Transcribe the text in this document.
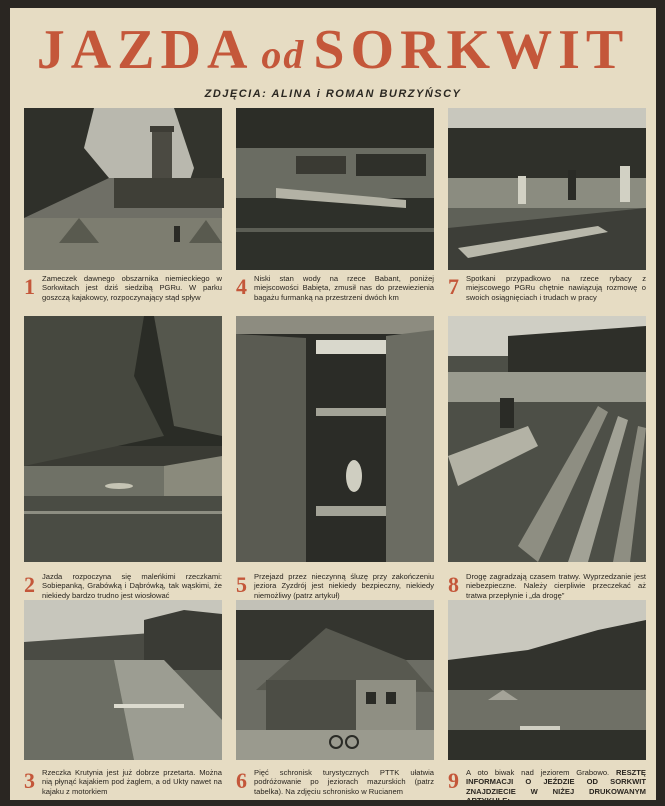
JAZDA od SORKWIT
ZDJĘCIA: ALINA i ROMAN BURZYŃSCY
1 Zameczek dawnego obszarnika niemieckiego w Sorkwitach jest dziś siedzibą PGRu. W parku goszczą kajakowcy, rozpoczynający stąd spływ
2 Jazda rozpoczyna się maleńkimi rzeczkami: Sobiepanką, Grabówką i Dąbrówką, tak wąskimi, że niekiedy bardzo trudno jest wiosłować
3 Rzeczka Krutynia jest już dobrze przetarta. Można nią płynąć kajakiem pod żaglem, a od Ukty nawet na kajaku z motorkiem
4 Niski stan wody na rzece Babant, poniżej miejscowości Babięta, zmusił nas do przewiezienia bagażu furmanką na przestrzeni dwóch km
5 Przejazd przez nieczynną śluzę przy zakończeniu jeziora Zyzdrój jest niekiedy bezpieczny, niekiedy niemożliwy (patrz artykuł)
6 Pięć schronisk turystycznych PTTK ułatwia podróżowanie po jeziorach mazurskich (patrz tabelka). Na zdjęciu schronisko w Rucianem
7 Spotkani przypadkowo na rzece rybacy z miejscowego PGRu chętnie nawiązują rozmowę o swoich osiągnięciach i trudach w pracy
8 Drogę zagradzają czasem tratwy. Wyprzedzanie jest niebezpieczne. Należy cierpliwie przeczekać aż tratwa przepłynie i „da drogę”
9 A oto biwak nad jeziorem Grabowo. RESZTĘ INFORMACJI O JEŹDZIE OD SORKWIT ZNAJDZIECIE W NIŻEJ DRUKOWANYM ARTYKULE:
